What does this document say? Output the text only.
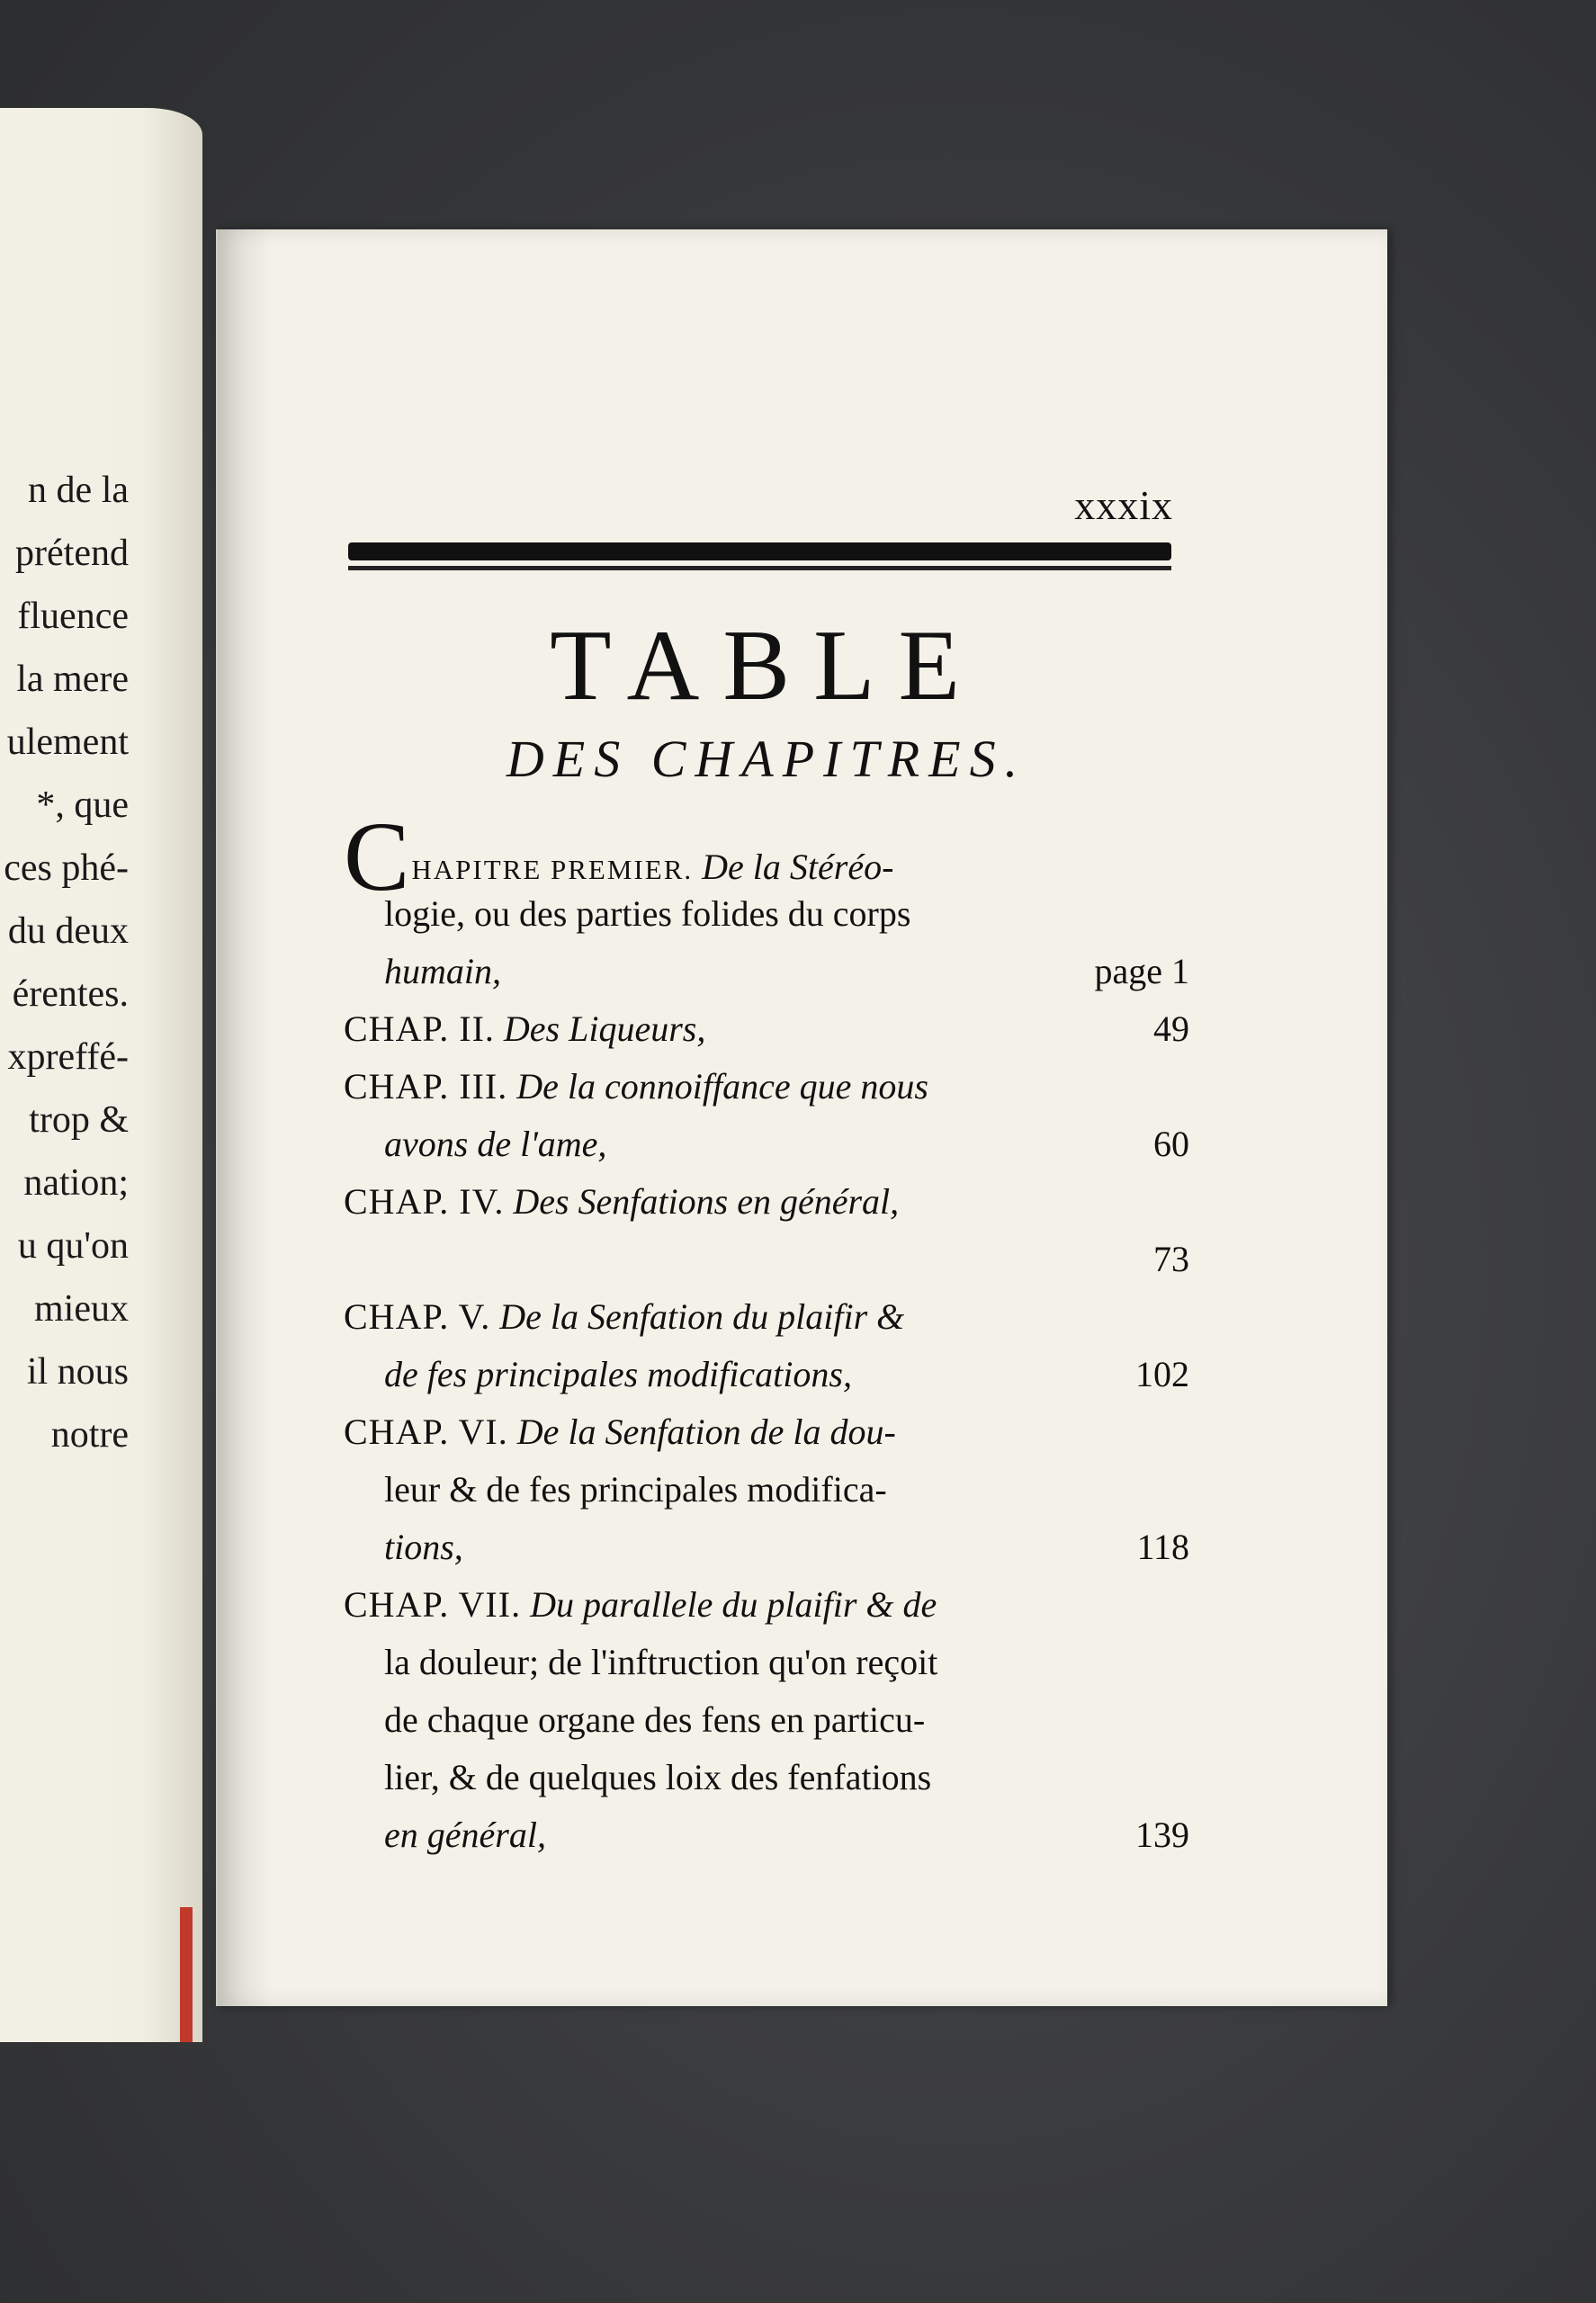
n de la
prétend
fluence
la mere
ulement
*, que
ces phé-
du deux
érentes.
xpreffé-
trop &
nation;
u qu'on
mieux
il nous
notre
xxxix
TABLE
DES CHAPITRES.
CHAPITRE PREMIER. De la Stéréo-
logie, ou des parties folides du corps
humain,	page 1
CHAP. II. Des Liqueurs,	49
CHAP. III. De la connoiffance que nous
avons de l'ame,	60
CHAP. IV. Des Senfations en général,
73
CHAP. V. De la Senfation du plaifir &
de fes principales modifications,	102
CHAP. VI. De la Senfation de la dou-
leur & de fes principales modifica-
tions,	118
CHAP. VII. Du parallele du plaifir & de
la douleur; de l'inftruction qu'on reçoit
de chaque organe des fens en particu-
lier, & de quelques loix des fenfations
en général,	139
